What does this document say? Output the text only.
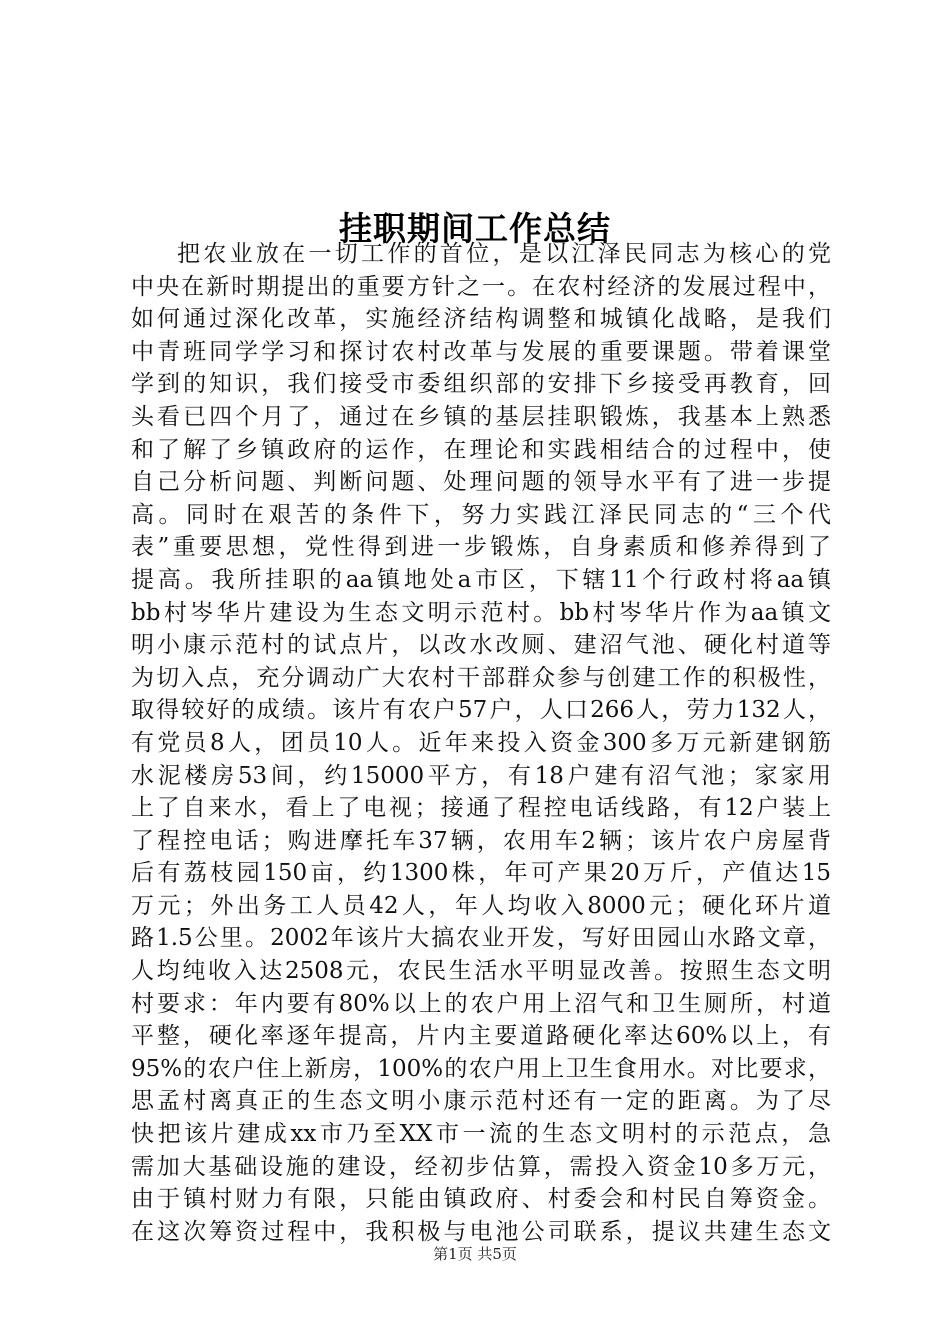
挂职期间工作总结
把农业放在一切工作的首位，是以江泽民同志为核心的党
中央在新时期提出的重要方针之一。在农村经济的发展过程中，
如何通过深化改革，实施经济结构调整和城镇化战略，是我们
中青班同学学习和探讨农村改革与发展的重要课题。带着课堂
学到的知识，我们接受市委组织部的安排下乡接受再教育，回
头看已四个月了，通过在乡镇的基层挂职锻炼，我基本上熟悉
和了解了乡镇政府的运作，在理论和实践相结合的过程中，使
自己分析问题、判断问题、处理问题的领导水平有了进一步提
高。同时在艰苦的条件下，努力实践江泽民同志的“三个代
表”重要思想，党性得到进一步锻炼，自身素质和修养得到了
提高。我所挂职的aa镇地处a市区，下辖11个行政村将aa镇
bb村岑华片建设为生态文明示范村。bb村岑华片作为aa镇文
明小康示范村的试点片，以改水改厕、建沼气池、硬化村道等
为切入点，充分调动广大农村干部群众参与创建工作的积极性，
取得较好的成绩。该片有农户57户，人口266人，劳力132人，
有党员8人，团员10人。近年来投入资金300多万元新建钢筋
水泥楼房53间，约15000平方，有18户建有沼气池；家家用
上了自来水，看上了电视；接通了程控电话线路，有12户装上
了程控电话；购进摩托车37辆，农用车2辆；该片农户房屋背
后有荔枝园150亩，约1300株，年可产果20万斤，产值达15
万元；外出务工人员42人，年人均收入8000元；硬化环片道
路1.5公里。2002年该片大搞农业开发，写好田园山水路文章，
人均纯收入达2508元，农民生活水平明显改善。按照生态文明
村要求：年内要有80%以上的农户用上沼气和卫生厕所，村道
平整，硬化率逐年提高，片内主要道路硬化率达60%以上，有
95%的农户住上新房，100%的农户用上卫生食用水。对比要求，
思孟村离真正的生态文明小康示范村还有一定的距离。为了尽
快把该片建成xx市乃至XX市一流的生态文明村的示范点，急
需加大基础设施的建设，经初步估算，需投入资金10多万元，
由于镇村财力有限，只能由镇政府、村委会和村民自筹资金。
在这次筹资过程中，我积极与电池公司联系，提议共建生态文
第1页 共5页
